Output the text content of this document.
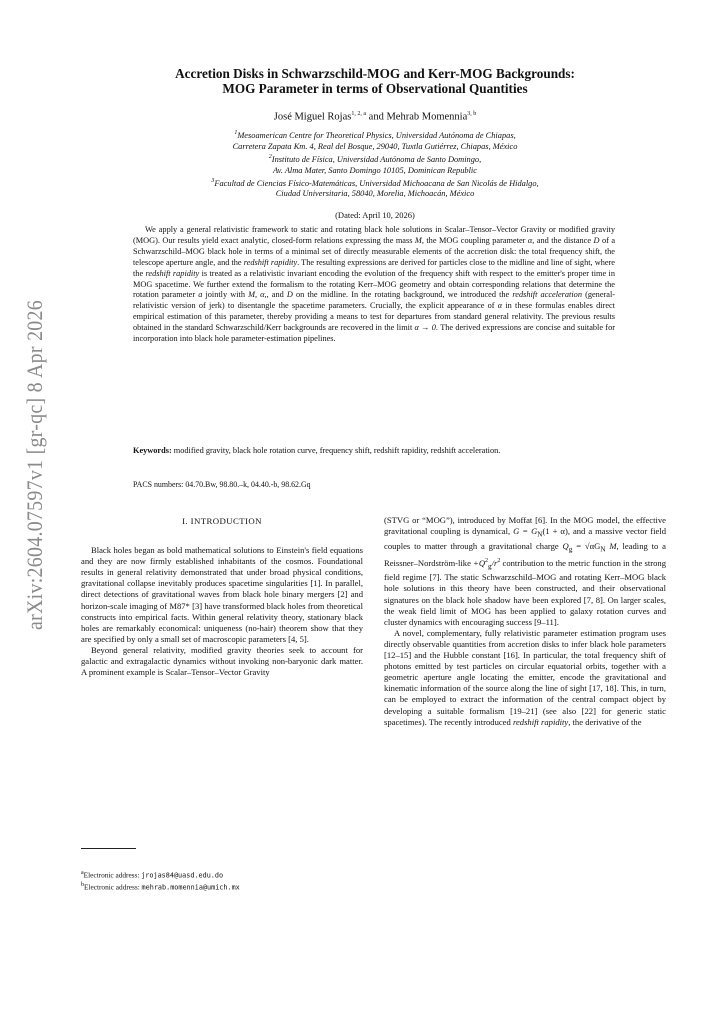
arXiv:2604.07597v1 [gr-qc] 8 Apr 2026
Accretion Disks in Schwarzschild-MOG and Kerr-MOG Backgrounds:
MOG Parameter in terms of Observational Quantities
José Miguel Rojas$^{1, 2, a}$ and Mehrab Momennia$^{3, b}$
$^1$Mesoamerican Centre for Theoretical Physics, Universidad Autónoma de Chiapas,
Carretera Zapata Km. 4, Real del Bosque, 29040, Tuxtla Gutiérrez, Chiapas, México
$^2$Instituto de Física, Universidad Autónoma de Santo Domingo,
Av. Alma Mater, Santo Domingo 10105, Dominican Republic
$^3$Facultad de Ciencias Físico-Matemáticas, Universidad Michoacana de San Nicolás de Hidalgo,
Ciudad Universitaria, 58040, Morelia, Michoacán, México
(Dated: April 10, 2026)

We apply a general relativistic framework to static and rotating black hole solutions in Scalar–Tensor–Vector Gravity or modified gravity (MOG). Our results yield exact analytic, closed-form relations expressing the mass M, the MOG coupling parameter α, and the distance D of a Schwarzschild–MOG black hole in terms of a minimal set of directly measurable elements of the accretion disk: the total frequency shift, the telescope aperture angle, and the redshift rapidity. The resulting expressions are derived for particles close to the midline and line of sight, where the redshift rapidity is treated as a relativistic invariant encoding the evolution of the frequency shift with respect to the emitter's proper time in MOG spacetime. We further extend the formalism to the rotating Kerr–MOG geometry and obtain corresponding relations that determine the rotation parameter a jointly with M, α,, and D on the midline. In the rotating background, we introduced the redshift acceleration (general-relativistic version of jerk) to disentangle the spacetime parameters. Crucially, the explicit appearance of α in these formulas enables direct empirical estimation of this parameter, thereby providing a means to test for departures from standard general relativity. The previous results obtained in the standard Schwarzschild/Kerr backgrounds are recovered in the limit α → 0. The derived expressions are concise and suitable for incorporation into black hole parameter-estimation pipelines.

Keywords: modified gravity, black hole rotation curve, frequency shift, redshift rapidity, redshift acceleration.
PACS numbers: 04.70.Bw, 98.80.–k, 04.40.-b, 98.62.Gq
I. INTRODUCTION

Black holes began as bold mathematical solutions to Einstein's field equations and they are now firmly established inhabitants of the cosmos. Foundational results in general relativity demonstrated that under broad physical conditions, gravitational collapse inevitably produces spacetime singularities [1]. In parallel, direct detections of gravitational waves from black hole binary mergers [2] and horizon-scale imaging of M87* [3] have transformed black holes from theoretical constructs into empirical facts. Within general relativity theory, stationary black holes are remarkably economical: uniqueness (no-hair) theorem show that they are specified by only a small set of macroscopic parameters [4, 5].

Beyond general relativity, modified gravity theories seek to account for galactic and extragalactic dynamics without invoking non-baryonic dark matter. A prominent example is Scalar–Tensor–Vector Gravity

(STVG or “MOG”), introduced by Moffat [6]. In the MOG model, the effective gravitational coupling is dynamical, $G = G_N(1 + \alpha)$, and a massive vector field couples to matter through a gravitational charge $Q_g = √\alpha G_N$ M, leading to a Reissner–Nordström-like $+Q^2_g/r^2$ contribution to the metric function in the strong field regime [7]. The static Schwarzschild–MOG and rotating Kerr–MOG black hole solutions in this theory have been constructed, and their observational signatures on the black hole shadow have been explored [7, 8]. On larger scales, the weak field limit of MOG has been applied to galaxy rotation curves and cluster dynamics with encouraging success [9–11].

A novel, complementary, fully relativistic parameter estimation program uses directly observable quantities from accretion disks to infer black hole parameters [12–15] and the Hubble constant [16]. In particular, the total frequency shift of photons emitted by test particles on circular equatorial orbits, together with a geometric aperture angle locating the emitter, encode the gravitational and kinematic information of the source along the line of sight [17, 18]. This, in turn, can be employed to extract the information of the central compact object by developing a suitable formalism [19–21] (see also [22] for generic static spacetimes). The recently introduced redshift rapidity, the derivative of the

$^a$Electronic address: jrojas84@uasd.edu.do
$^b$Electronic address: mehrab.momennia@umich.mx
